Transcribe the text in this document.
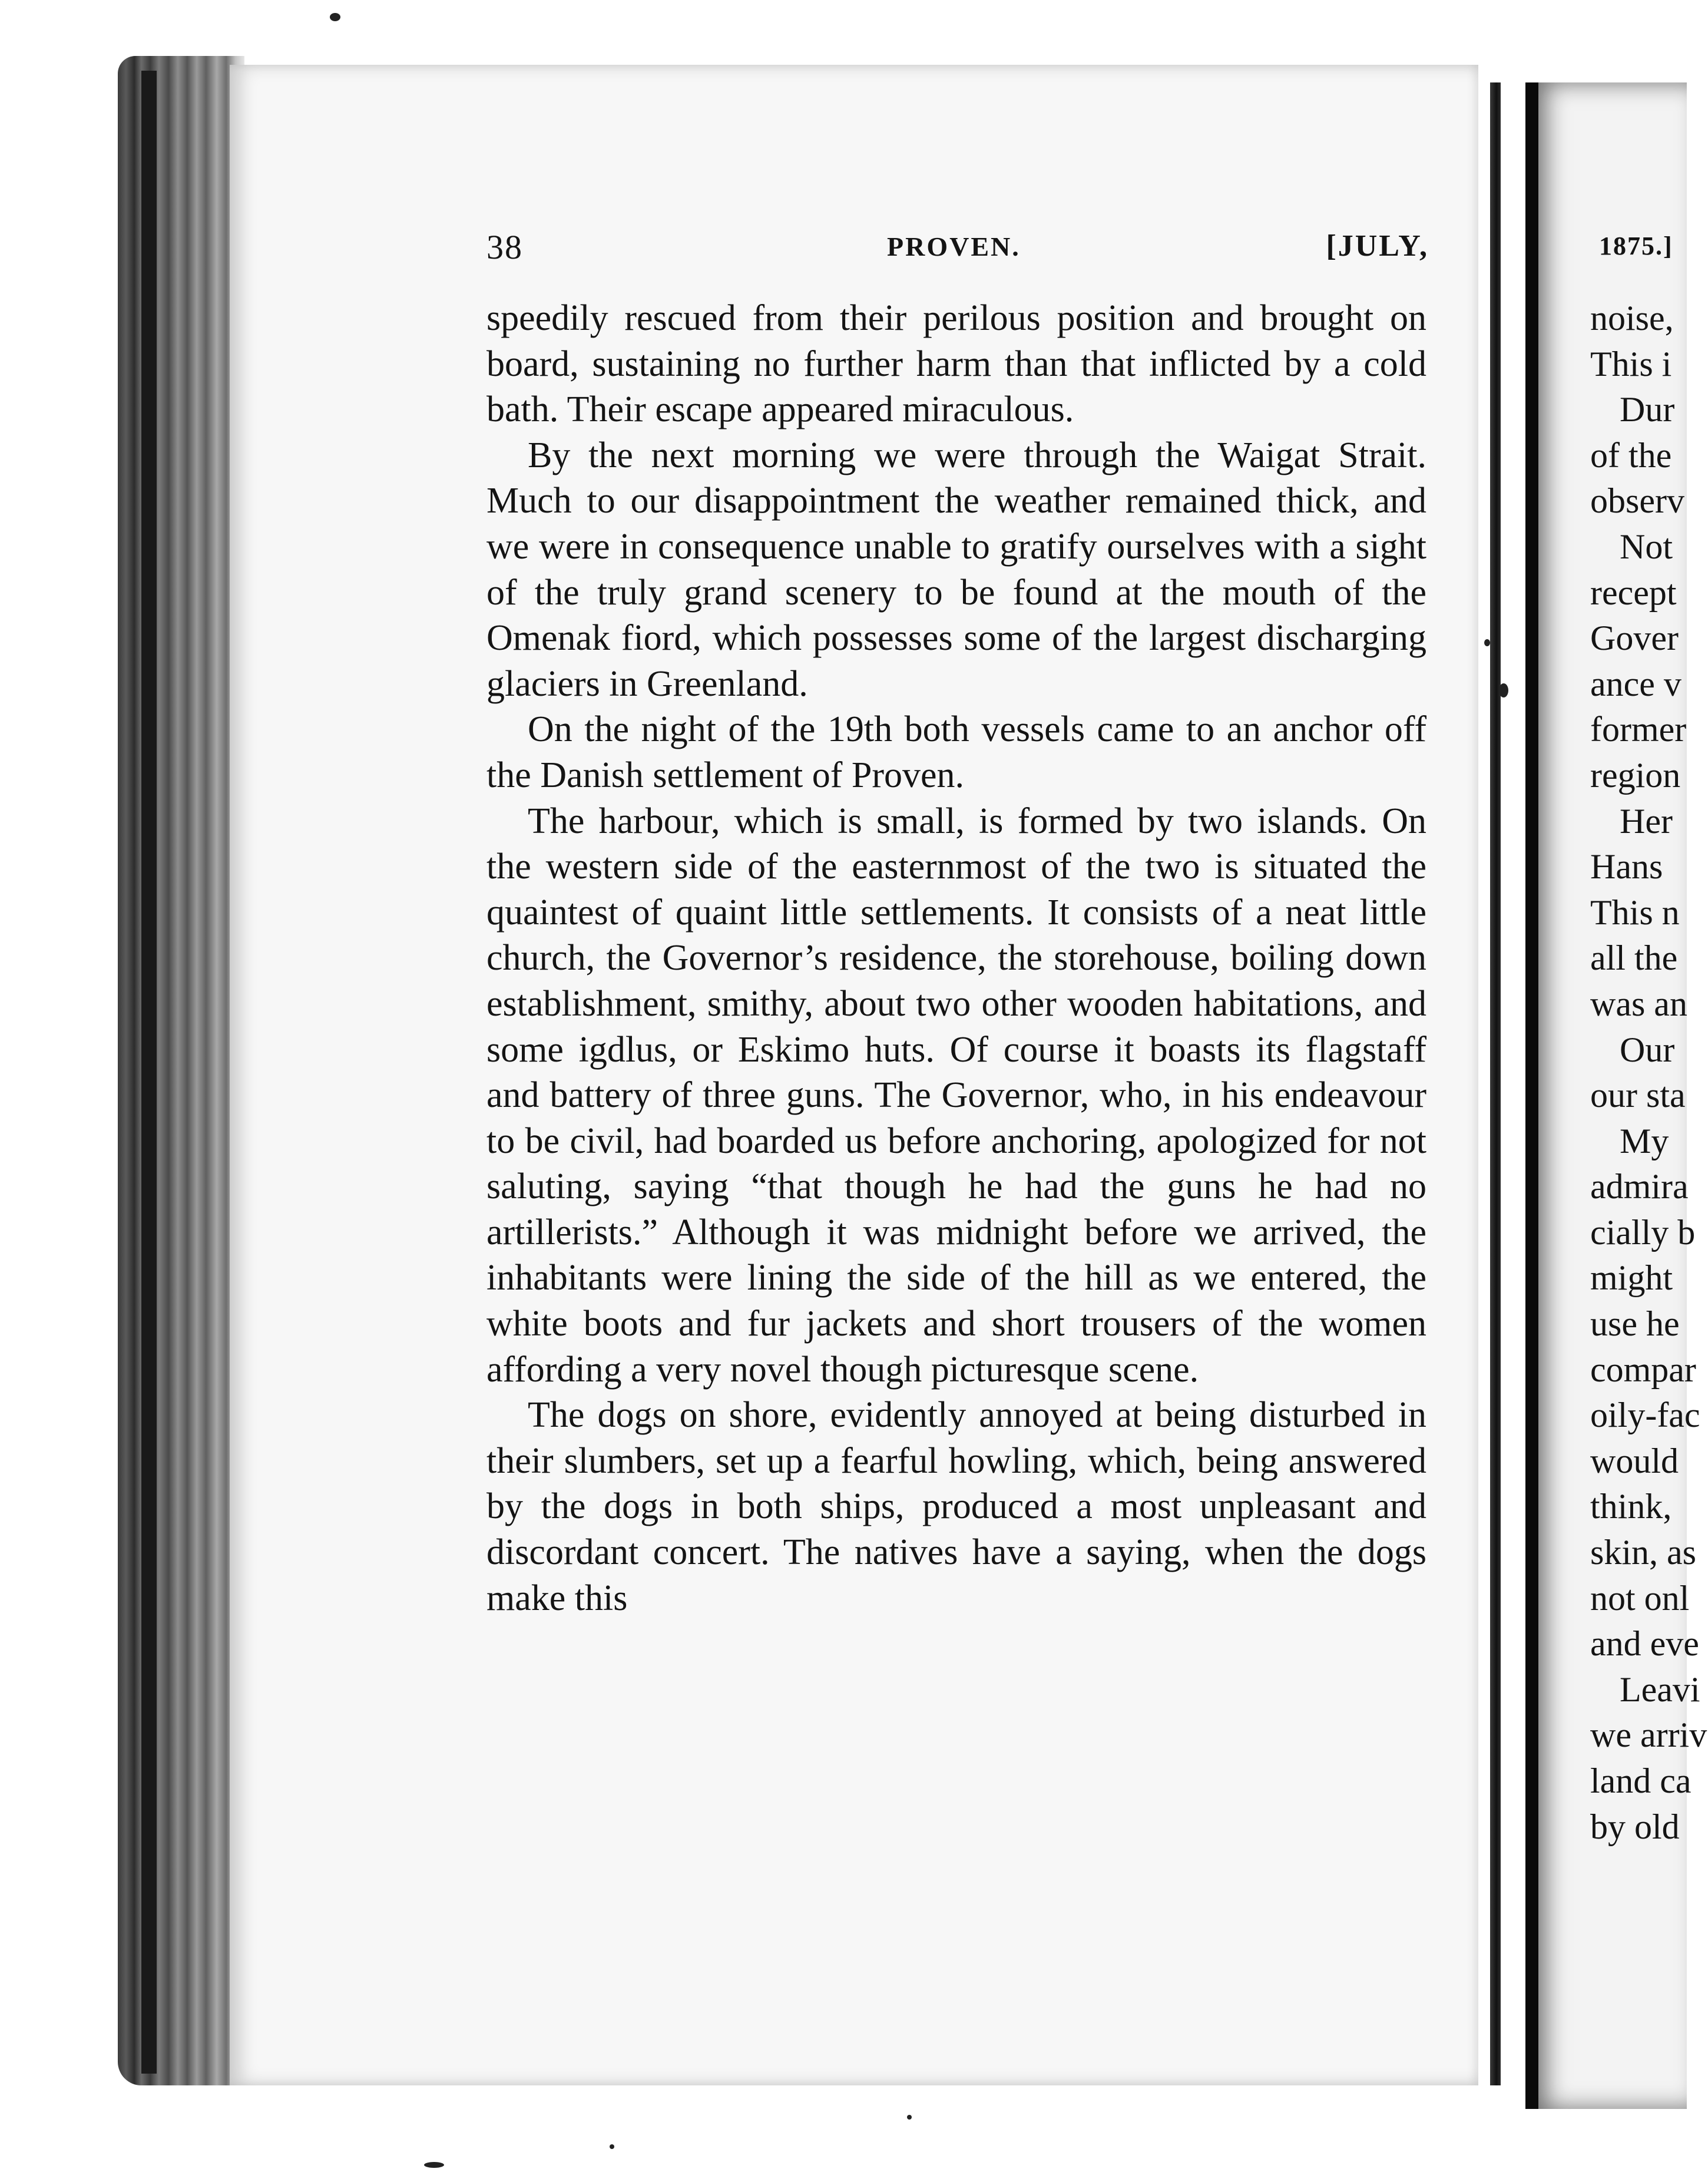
38	PROVEN.	[JULY,

speedily rescued from their perilous position and brought on board, sustaining no further harm than that inflicted by a cold bath. Their escape appeared miraculous.

By the next morning we were through the Waigat Strait. Much to our disappointment the weather remained thick, and we were in consequence unable to gratify ourselves with a sight of the truly grand scenery to be found at the mouth of the Omenak fiord, which possesses some of the largest discharging glaciers in Greenland.

On the night of the 19th both vessels came to an anchor off the Danish settlement of Proven.

The harbour, which is small, is formed by two islands. On the western side of the easternmost of the two is situated the quaintest of quaint little settlements. It consists of a neat little church, the Governor’s residence, the storehouse, boiling down establishment, smithy, about two other wooden habitations, and some igdlus, or Eskimo huts. Of course it boasts its flagstaff and battery of three guns. The Governor, who, in his endeavour to be civil, had boarded us before anchoring, apologized for not saluting, saying “that though he had the guns he had no artillerists.” Although it was midnight before we arrived, the inhabitants were lining the side of the hill as we entered, the white boots and fur jackets and short trousers of the women affording a very novel though picturesque scene.

The dogs on shore, evidently annoyed at being disturbed in their slumbers, set up a fearful howling, which, being answered by the dogs in both ships, produced a most unpleasant and discordant concert. The natives have a saying, when the dogs make this

1875.]
noise,
This i
Dur
of the
observ
Not
recept
Gover
ance v
former
region
Her
Hans
This n
all the
was an
Our
our sta
My
admira
cially b
might
use he
compar
oily-fac
would
think,
skin, as
not onl
and eve
Leavi
we arriv
land ca
by old
